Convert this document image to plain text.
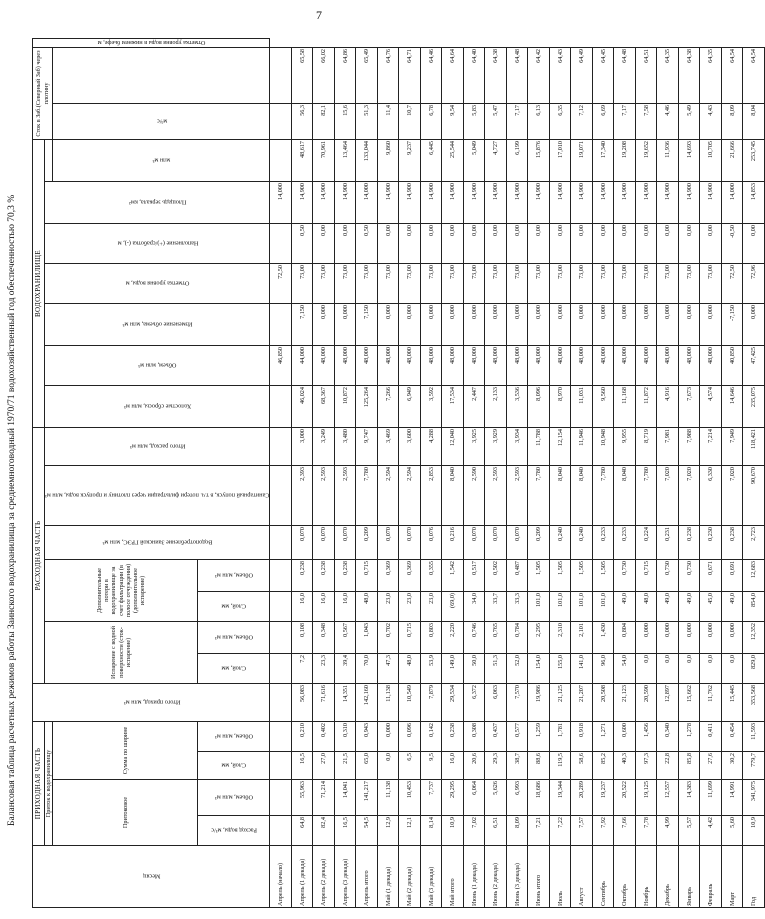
7
Балансовая таблица расчетных режимов работы Заинского водохранилища за среднемноговодный 1970/71 водохозяйственный год обеспеченностью 70,3 %
Месяц	ПРИХОДНАЯ ЧАСТЬ				Итого приход, млн м³	РАСХОДНАЯ ЧАСТЬ							ВОДОХРАНИЛИЩЕ							Сток в Заб.(Северный Заб) через плотину		Отметка уровня воды в нижнем бьефе, м
	Приток к водохранилищу					Испарение с водной поверхности (сток-испарение)		Дополнительные потери в водохранилище за счет фильтрации (в полосе отчуждения) (дополнительное испарение)		Водопотребление Заинской ГРЭС, млн м³	Санитарный попуск, в т.ч. потери фильтрации через плотину и пропуск воды, млн м³	Итого расход, млн м³	Холостые сбросы, млн м³	Объем, млн м³	Изменение объема, млн м³	Отметка уровня воды, м	Наполнение (+)/сработка (-), м	Площадь зеркала, км²				
	Притоковое		Сумма по ширине																млн м³	м³/с		
	Расход воды, м³/с	Объем, млн м³	Слой, мм	Объем, млн м³		Слой, мм	Объем, млн м³	Слой, мм	Объем, млн м³													
Апрель (начало)														46,850		72,50		14,000				
Апрель (1 декада)	64,8	55,963	16,5	0,210	56,083	7,2	0,108	16,0	0,238	0,070	2,393	3,000	46,024	44,000	7,150	73,00	0,50	14,900	48,617	56,3	65,58	
Апрель (2 декада)	82,4	71,214	27,0	0,402	71,616	23,3	0,348	16,0	0,238	0,070	2,593	3,249	68,367	48,000	0,000	73,00	0,00	14,900	70,961	82,1	66,02	
Апрель (3 декада)	16,5	14,041	21,5	0,310	14,351	39,4	0,567	16,0	0,238	0,070	2,593	3,480	10,872	48,000	0,000	73,00	0,00	14,900	13,464	15,6	64,86	
Апрель итого	54,5	141,217	65,0	0,943	142,160	70,0	1,043	48,0	0,715	0,209	7,780	9,747	125,264	48,000	7,150	73,00	0,50	14,000	133,044	51,3	65,49	
Май (1 декада)	12,9	11,138	0,0	0,000	11,138	47,3	0,702	23,0	0,369	0,070	2,594	3,469	7,266	48,000	0,000	73,00	0,00	14,900	9,860	11,4	64,76	
Май (2 декада)	12,1	10,453	6,5	0,096	10,549	48,0	0,715	23,0	0,369	0,070	2,594	3,600	6,949	48,000	0,000	73,00	0,00	14,900	9,237	10,7	64,71	
Май (3 декада)	8,14	7,737	9,5	0,142	7,879	53,9	0,803	23,0	0,355	0,076	2,853	4,288	3,592	48,000	0,000	73,00	0,00	14,900	6,445	6,78	64,46	
Май итого	10,9	29,295	16,0	0,238	29,534	149,0	2,220	(69,0)	1,542	0,216	8,040	12,040	17,534	48,000	0,000	73,00	0,00	14,900	25,544	9,54	64,64	
Июнь (1 декада)	7,02	6,064	20,6	0,308	6,372	50,0	0,746	34,0	0,517	0,070	2,590	3,925	2,447	48,000	0,000	73,00	0,00	14,900	5,049	5,83	64,40	
Июнь (2 декада)	6,51	5,626	29,3	0,437	6,063	51,3	0,765	33,7	0,502	0,070	2,593	3,929	2,133	48,000	0,000	73,00	0,00	14,900	4,727	5,47	64,38	
Июнь (3 декада)	8,09	6,993	38,7	0,577	7,570	52,0	0,784	33,3	0,487	0,070	2,593	3,934	3,536	48,000	0,000	73,00	0,00	14,900	6,199	7,17	64,48	
Июнь итого	7,21	18,686	88,6	1,259	19,986	154,0	2,295	101,0	1,505	0,209	7,780	11,788	8,096	48,000	0,000	73,00	0,00	14,900	15,876	6,13	64,42	
Июль	7,22	19,344	119,5	1,781	21,125	155,0	2,310	101,0	1,505	0,240	8,040	12,154	8,970	48,000	0,000	73,00	0,00	14,900	17,010	6,35	64,43	
Август	7,57	20,289	58,6	0,918	21,207	141,0	2,101	101,0	1,505	0,240	8,040	11,946	11,031	48,000	0,000	73,00	0,00	14,900	19,071	7,12	64,49	
Сентябрь	7,92	19,237	85,2	1,271	20,508	96,0	1,430	101,0	1,505	0,233	7,780	10,948	9,560	48,000	0,000	73,00	0,00	14,900	17,340	6,69	64,45	
Октябрь	7,66	20,522	40,3	0,600	21,123	54,0	0,804	49,0	0,730	0,233	8,040	9,955	11,168	48,000	0,000	73,00	0,00	14,900	19,208	7,17	64,48	
Ноябрь	7,78	19,125	97,3	1,456	20,590	0,0	0,000	48,0	0,715	0,224	7,780	8,719	11,872	48,000	0,000	73,00	0,00	14,900	19,652	7,58	64,51	
Декабрь	4,99	12,557	22,8	0,340	12,897	0,0	0,000	49,0	0,730	0,231	7,020	7,981	4,916	48,000	0,000	73,00	0,00	14,900	11,936	4,46	64,35	
Январь	5,57	14,383	85,8	1,278	15,662	0,0	0,000	49,0	0,730	0,238	7,020	7,988	7,673	48,000	0,000	73,00	0,00	14,900	14,693	5,49	64,38	
Февраль	4,42	11,699	27,6	0,411	11,762	0,0	0,000	45,0	0,671	0,230	6,330	7,214	4,574	48,000	0,000	73,00	0,00	14,900	10,705	4,43	64,35	
Март	5,60	14,991	30,2	0,454	15,445	0,0	0,000	49,0	0,691	0,238	7,020	7,949	14,646	40,850	-7,150	72,50	-0,50	14,000	21,666	8,09	64,54	
Год	10,9	341,975	779,7	11,593	353,568	829,0	12,352	854,0	12,683	2,723	90,670	118,421	235,075	47,425	0,000	72,96	0,00	14,853	253,745	8,04	64,54	
